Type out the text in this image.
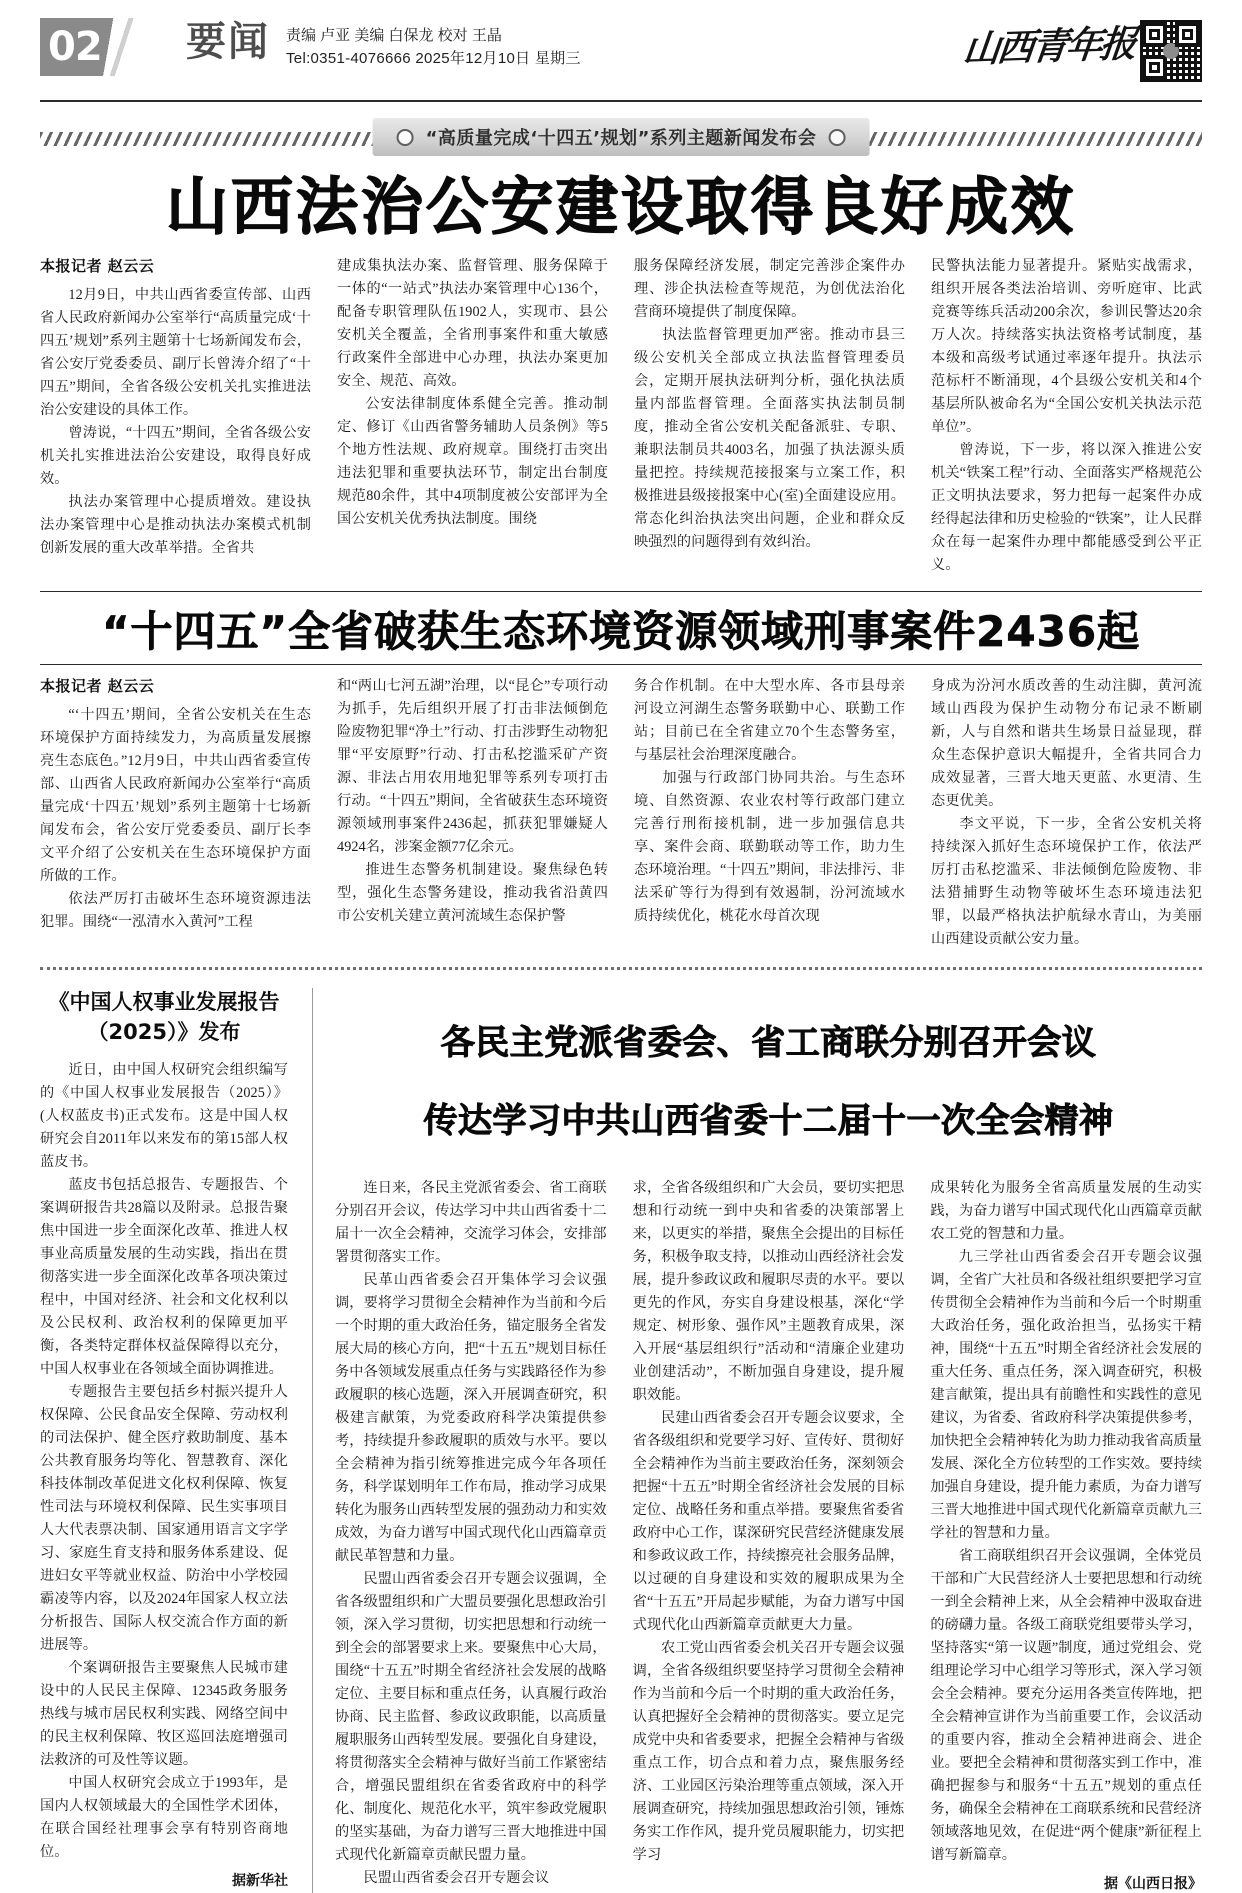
02 要闻 责编 卢亚 美编 白保龙 校对 王晶
Tel:0351-4076666 2025年12月10日 星期三	山西青年报
“高质量完成‘十四五’规划”系列主题新闻发布会
山西法治公安建设取得良好成效
本报记者 赵云云

12月9日，中共山西省委宣传部、山西省人民政府新闻办公室举行“高质量完成‘十四五’规划”系列主题第十七场新闻发布会，省公安厅党委委员、副厅长曾涛介绍了“十四五”期间，全省各级公安机关扎实推进法治公安建设的具体工作。

曾涛说，“十四五”期间，全省各级公安机关扎实推进法治公安建设，取得良好成效。

执法办案管理中心提质增效。建设执法办案管理中心是推动执法办案模式机制创新发展的重大改革举措。全省共

建成集执法办案、监督管理、服务保障于一体的“一站式”执法办案管理中心136个，配备专职管理队伍1902人，实现市、县公安机关全覆盖，全省刑事案件和重大敏感行政案件全部进中心办理，执法办案更加安全、规范、高效。

公安法律制度体系健全完善。推动制定、修订《山西省警务辅助人员条例》等5个地方性法规、政府规章。围绕打击突出违法犯罪和重要执法环节，制定出台制度规范80余件，其中4项制度被公安部评为全国公安机关优秀执法制度。围绕

服务保障经济发展，制定完善涉企案件办理、涉企执法检查等规范，为创优法治化营商环境提供了制度保障。

执法监督管理更加严密。推动市县三级公安机关全部成立执法监督管理委员会，定期开展执法研判分析，强化执法质量内部监督管理。全面落实执法制员制度，推动全省公安机关配备派驻、专职、兼职法制员共4003名，加强了执法源头质量把控。持续规范接报案与立案工作，积极推进县级接报案中心(室)全面建设应用。常态化纠治执法突出问题，企业和群众反映强烈的问题得到有效纠治。

民警执法能力显著提升。紧贴实战需求，组织开展各类法治培训、旁听庭审、比武竞赛等练兵活动200余次，参训民警达20余万人次。持续落实执法资格考试制度，基本级和高级考试通过率逐年提升。执法示范标杆不断涌现，4个县级公安机关和4个基层所队被命名为“全国公安机关执法示范单位”。

曾涛说，下一步，将以深入推进公安机关“铁案工程”行动、全面落实严格规范公正文明执法要求，努力把每一起案件办成经得起法律和历史检验的“铁案”，让人民群众在每一起案件办理中都能感受到公平正义。

“十四五”全省破获生态环境资源领域刑事案件2436起
本报记者 赵云云

“‘十四五’期间，全省公安机关在生态环境保护方面持续发力，为高质量发展擦亮生态底色。”12月9日，中共山西省委宣传部、山西省人民政府新闻办公室举行“高质量完成‘十四五’规划”系列主题第十七场新闻发布会，省公安厅党委委员、副厅长李文平介绍了公安机关在生态环境保护方面所做的工作。

依法严厉打击破坏生态环境资源违法犯罪。围绕“一泓清水入黄河”工程

和“两山七河五湖”治理，以“昆仑”专项行动为抓手，先后组织开展了打击非法倾倒危险废物犯罪“净土”行动、打击涉野生动物犯罪“平安原野”行动、打击私挖滥采矿产资源、非法占用农用地犯罪等系列专项打击行动。“十四五”期间，全省破获生态环境资源领域刑事案件2436起，抓获犯罪嫌疑人4924名，涉案金额77亿余元。

推进生态警务机制建设。聚焦绿色转型，强化生态警务建设，推动我省沿黄四市公安机关建立黄河流域生态保护警

务合作机制。在中大型水库、各市县母亲河设立河湖生态警务联勤中心、联勤工作站；目前已在全省建立70个生态警务室，与基层社会治理深度融合。

加强与行政部门协同共治。与生态环境、自然资源、农业农村等行政部门建立完善行刑衔接机制，进一步加强信息共享、案件会商、联勤联动等工作，助力生态环境治理。“十四五”期间，非法排污、非法采矿等行为得到有效遏制，汾河流域水质持续优化，桃花水母首次现

身成为汾河水质改善的生动注脚，黄河流域山西段为保护生动物分布记录不断刷新，人与自然和谐共生场景日益显现，群众生态保护意识大幅提升，全省共同合力成效显著，三晋大地天更蓝、水更清、生态更优美。

李文平说，下一步，全省公安机关将持续深入抓好生态环境保护工作，依法严厉打击私挖滥采、非法倾倒危险废物、非法猎捕野生动物等破坏生态环境违法犯罪，以最严格执法护航绿水青山，为美丽山西建设贡献公安力量。

《中国人权事业发展报告 （2025）》发布

近日，由中国人权研究会组织编写的《中国人权事业发展报告（2025）》(人权蓝皮书)正式发布。这是中国人权研究会自2011年以来发布的第15部人权蓝皮书。

蓝皮书包括总报告、专题报告、个案调研报告共28篇以及附录。总报告聚焦中国进一步全面深化改革、推进人权事业高质量发展的生动实践，指出在贯彻落实进一步全面深化改革各项决策过程中，中国对经济、社会和文化权利以及公民权利、政治权利的保障更加平衡，各类特定群体权益保障得以充分，中国人权事业在各领域全面协调推进。

专题报告主要包括乡村振兴提升人权保障、公民食品安全保障、劳动权利的司法保护、健全医疗救助制度、基本公共教育服务均等化、智慧教育、深化科技体制改革促进文化权利保障、恢复性司法与环境权利保障、民生实事项目人大代表票决制、国家通用语言文字学习、家庭生育支持和服务体系建设、促进妇女平等就业权益、防治中小学校园霸凌等内容，以及2024年国家人权立法分析报告、国际人权交流合作方面的新进展等。

个案调研报告主要聚焦人民城市建设中的人民民主保障、12345政务服务热线与城市居民权利实践、网络空间中的民主权利保障、牧区巡回法庭增强司法救济的可及性等议题。

中国人权研究会成立于1993年，是国内人权领域最大的全国性学术团体，在联合国经社理事会享有特别咨商地位。

据新华社
各民主党派省委会、省工商联分别召开会议
传达学习中共山西省委十二届十一次全会精神

连日来，各民主党派省委会、省工商联分别召开会议，传达学习中共山西省委十二届十一次全会精神，交流学习体会，安排部署贯彻落实工作。

民革山西省委会召开集体学习会议强调，要将学习贯彻全会精神作为当前和今后一个时期的重大政治任务，锚定服务全省发展大局的核心方向，把“十五五”规划目标任务中各领域发展重点任务与实践路径作为参政履职的核心选题，深入开展调查研究，积极建言献策，为党委政府科学决策提供参考，持续提升参政履职的质效与水平。要以全会精神为指引统筹推进完成今年各项任务，科学谋划明年工作布局，推动学习成果转化为服务山西转型发展的强劲动力和实效成效，为奋力谱写中国式现代化山西篇章贡献民革智慧和力量。

民盟山西省委会召开专题会议强调，全省各级盟组织和广大盟员要强化思想政治引领，深入学习贯彻，切实把思想和行动统一到全会的部署要求上来。要聚焦中心大局，围绕“十五五”时期全省经济社会发展的战略定位、主要目标和重点任务，认真履行政治协商、民主监督、参政议政职能，以高质量履职服务山西转型发展。要强化自身建设，将贯彻落实全会精神与做好当前工作紧密结合，增强民盟组织在省委省政府中的科学化、制度化、规范化水平，筑牢参政党履职的坚实基础，为奋力谱写三晋大地推进中国式现代化新篇章贡献民盟力量。

民盟山西省委会召开专题会议

求，全省各级组织和广大会员，要切实把思想和行动统一到中央和省委的决策部署上来，以更实的举措，聚焦全会提出的目标任务，积极争取支持，以推动山西经济社会发展，提升参政议政和履职尽责的水平。要以更先的作风，夯实自身建设根基，深化“学规定、树形象、强作风”主题教育成果，深入开展“基层组织行”活动和“清廉企业建功业创建活动”，不断加强自身建设，提升履职效能。

民建山西省委会召开专题会议要求，全省各级组织和党要学习好、宣传好、贯彻好全会精神作为当前主要政治任务，深刻领会把握“十五五”时期全省经济社会发展的目标定位、战略任务和重点举措。要聚焦省委省政府中心工作，谋深研究民营经济健康发展和参政议政工作，持续擦亮社会服务品牌，以过硬的自身建设和实效的履职成果为全省“十五五”开局起步赋能，为奋力谱写中国式现代化山西新篇章贡献更大力量。

农工党山西省委会机关召开专题会议强调，全省各级组织要坚持学习贯彻全会精神作为当前和今后一个时期的重大政治任务，认真把握好全会精神的贯彻落实。要立足完成党中央和省委要求，把握全会精神与省级重点工作，切合点和着力点，聚焦服务经济、工业园区污染治理等重点领域，深入开展调查研究，持续加强思想政治引领，锤炼务实工作作风，提升党员履职能力，切实把学习

成果转化为服务全省高质量发展的生动实践，为奋力谱写中国式现代化山西篇章贡献农工党的智慧和力量。

九三学社山西省委会召开专题会议强调，全省广大社员和各级社组织要把学习宣传贯彻全会精神作为当前和今后一个时期重大政治任务，强化政治担当，弘扬实干精神，围绕“十五五”时期全省经济社会发展的重大任务、重点任务，深入调查研究，积极建言献策，提出具有前瞻性和实践性的意见建议，为省委、省政府科学决策提供参考，加快把全会精神转化为助力推动我省高质量发展、深化全方位转型的工作实效。要持续加强自身建设，提升能力素质，为奋力谱写三晋大地推进中国式现代化新篇章贡献九三学社的智慧和力量。

省工商联组织召开会议强调，全体党员干部和广大民营经济人士要把思想和行动统一到全会精神上来，从全会精神中汲取奋进的磅礴力量。各级工商联党组要带头学习，坚持落实“第一议题”制度，通过党组会、党组理论学习中心组学习等形式，深入学习领会全会精神。要充分运用各类宣传阵地，把全会精神宣讲作为当前重要工作，会议活动的重要内容，推动全会精神进商会、进企业。要把全会精神和贯彻落实到工作中，准确把握参与和服务“十五五”规划的重点任务，确保全会精神在工商联系统和民营经济领域落地见效，在促进“两个健康”新征程上谱写新篇章。

据《山西日报》
